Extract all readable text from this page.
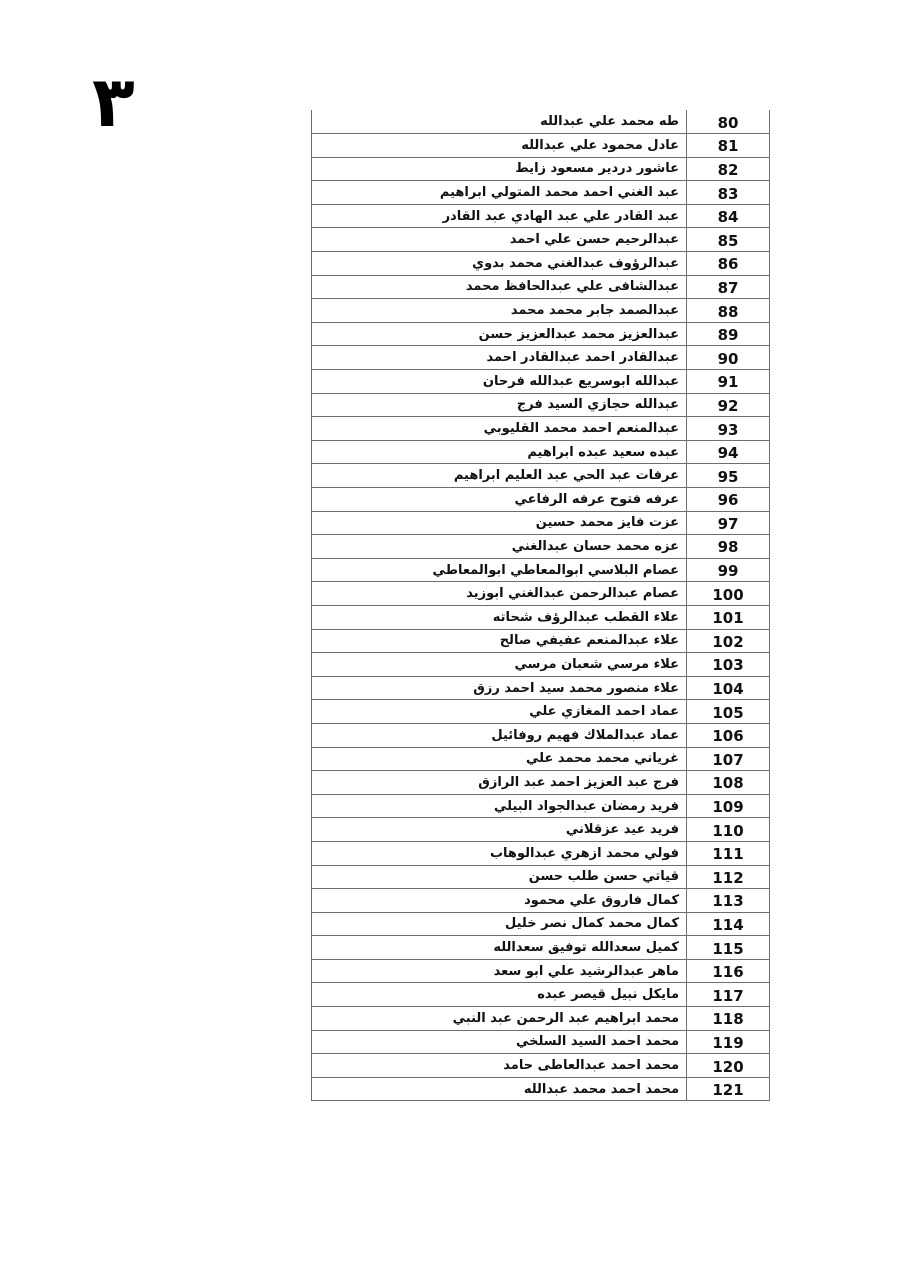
٣	طه محمد علي عبدالله	80
عادل محمود علي عبدالله	81
عاشور دردير مسعود زايط	82
عبد الغني احمد محمد المتولي ابراهيم	83
عبد القادر علي عبد الهادي عبد القادر	84
عبدالرحيم حسن علي احمد	85
عبدالرؤوف عبدالغني محمد بدوي	86
عبدالشافى علي عبدالحافظ محمد	87
عبدالصمد جابر محمد محمد	88
عبدالعزيز محمد عبدالعزيز حسن	89
عبدالقادر احمد عبدالقادر احمد	90
عبدالله ابوسريع عبدالله فرحان	91
عبدالله حجازي السيد فرج	92
عبدالمنعم احمد محمد القليوبي	93
عبده سعيد عبده ابراهيم	94
عرفات عبد الحي عبد العليم ابراهيم	95
عرفه فتوح عرفه الرفاعي	96
عزت فايز محمد حسين	97
عزه محمد حسان عبدالغني	98
عصام البلاسي ابوالمعاطي ابوالمعاطي	99
عصام عبدالرحمن عبدالغني ابوزيد	100
علاء القطب عبدالرؤف شحاته	101
علاء عبدالمنعم عفيفي صالح	102
علاء مرسي شعبان مرسي	103
علاء منصور محمد سيد احمد رزق	104
عماد احمد المغازي علي	105
عماد عبدالملاك فهيم روفائيل	106
غرياني محمد محمد علي	107
فرج عبد العزيز احمد عبد الرازق	108
فريد رمضان عبدالجواد البيلي	109
فريد عيد عزقلاني	110
فولي محمد ازهري عبدالوهاب	111
قياتي حسن طلب حسن	112
كمال فاروق علي محمود	113
كمال محمد كمال نصر خليل	114
كميل سعدالله توفيق سعدالله	115
ماهر عبدالرشيد علي ابو سعد	116
مايكل نبيل قيصر عبده	117
محمد ابراهيم عبد الرحمن عبد النبي	118
محمد احمد السيد السلخي	119
محمد احمد عبدالعاطى حامد	120
محمد احمد محمد عبدالله	121
